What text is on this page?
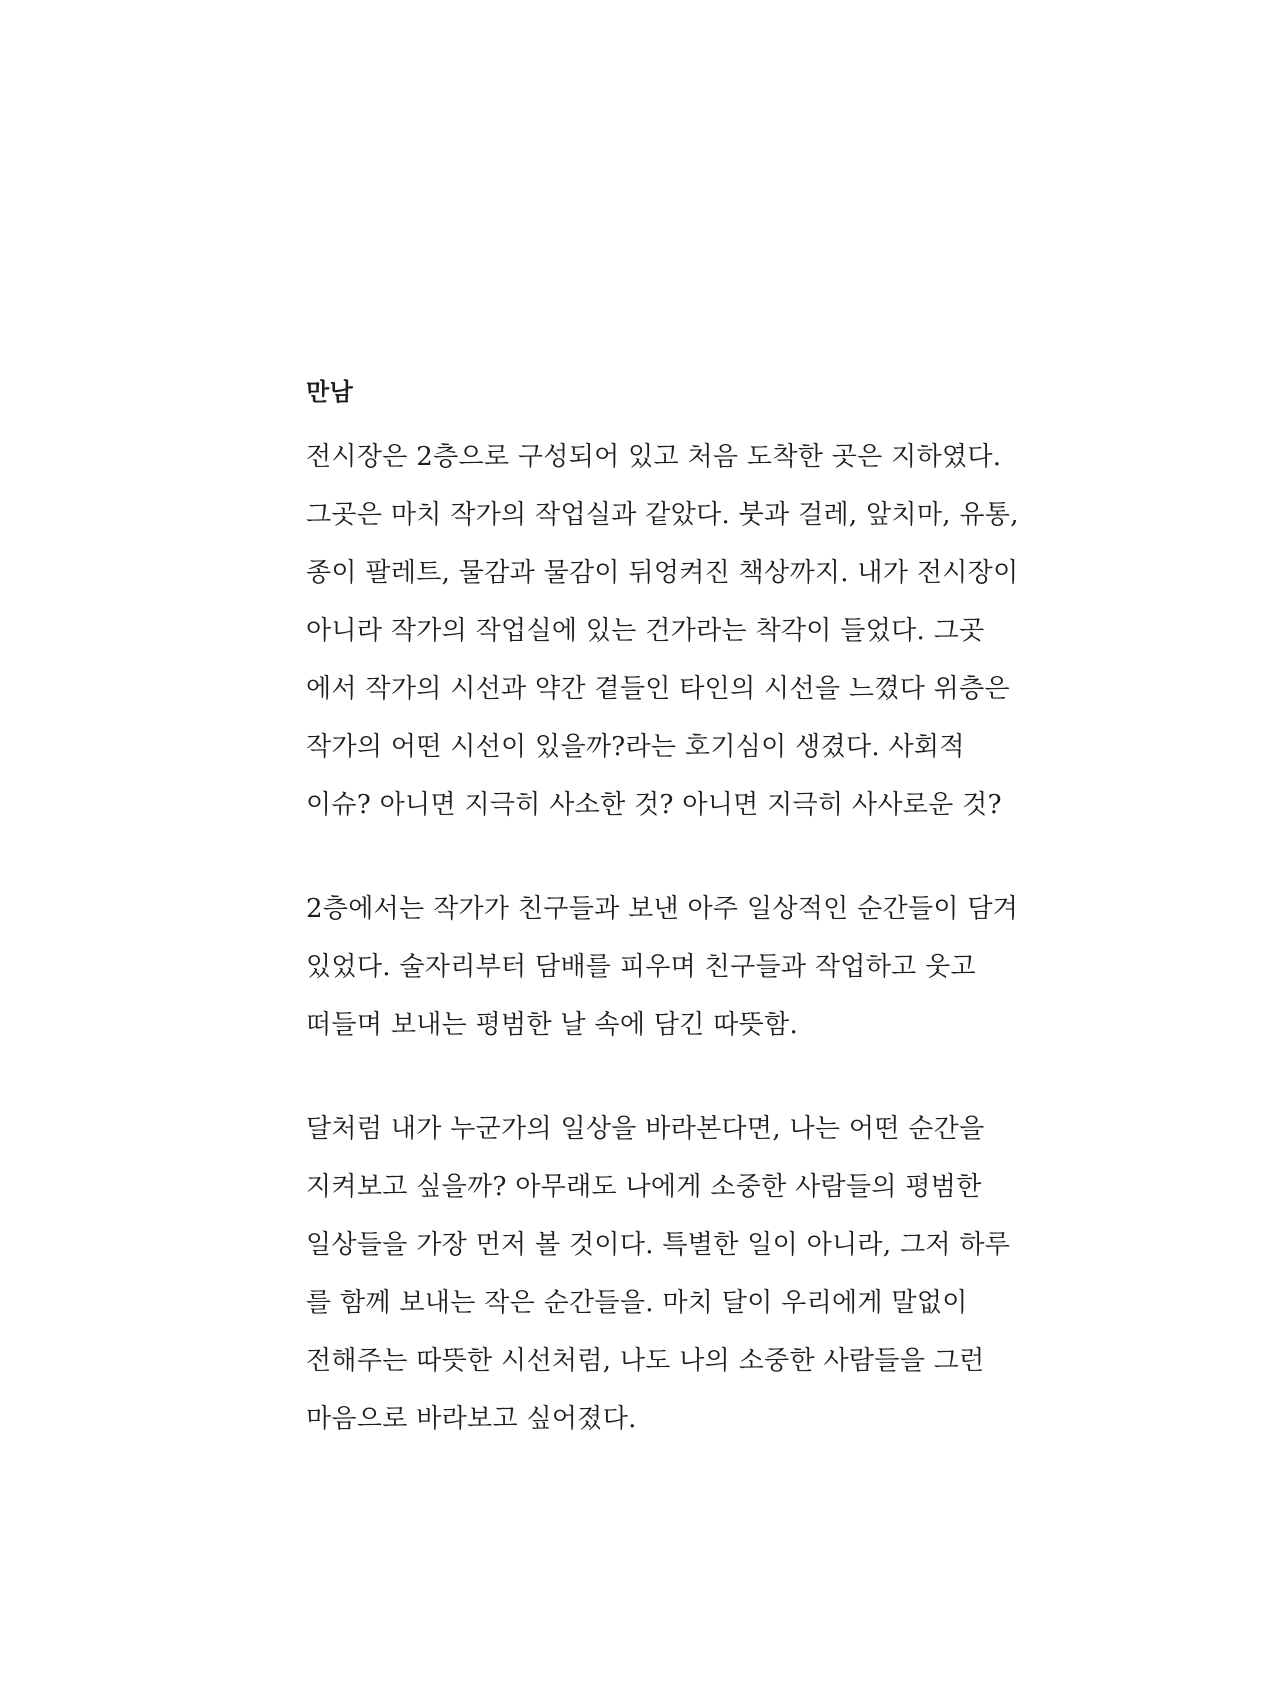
만남

전시장은 2층으로 구성되어 있고 처음 도착한 곳은 지하였다.
그곳은 마치 작가의 작업실과 같았다. 붓과 걸레, 앞치마, 유통,
종이 팔레트, 물감과 물감이 뒤엉켜진 책상까지. 내가 전시장이
아니라 작가의 작업실에 있는 건가라는 착각이 들었다. 그곳
에서 작가의 시선과 약간 곁들인 타인의 시선을 느꼈다 위층은
작가의 어떤 시선이 있을까?라는 호기심이 생겼다. 사회적
이슈? 아니면 지극히 사소한 것? 아니면 지극히 사사로운 것?

2층에서는 작가가 친구들과 보낸 아주 일상적인 순간들이 담겨
있었다. 술자리부터 담배를 피우며 친구들과 작업하고 웃고
떠들며 보내는 평범한 날 속에 담긴 따뜻함.

달처럼 내가 누군가의 일상을 바라본다면, 나는 어떤 순간을
지켜보고 싶을까? 아무래도 나에게 소중한 사람들의 평범한
일상들을 가장 먼저 볼 것이다. 특별한 일이 아니라, 그저 하루
를 함께 보내는 작은 순간들을. 마치 달이 우리에게 말없이
전해주는 따뜻한 시선처럼, 나도 나의 소중한 사람들을 그런
마음으로 바라보고 싶어졌다.
